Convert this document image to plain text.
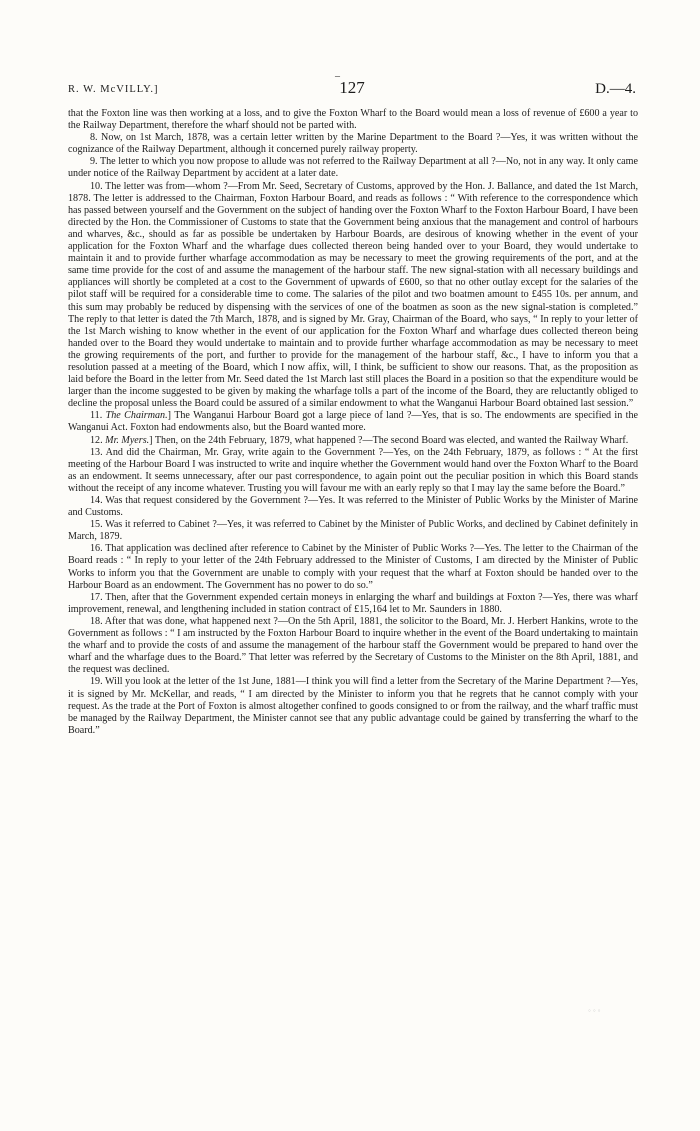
R. W. McVILLY.]
–
127	D.—4.

that the Foxton line was then working at a loss, and to give the Foxton Wharf to the Board would mean a loss of revenue of £600 a year to the Railway Department, therefore the wharf should not be parted with.

8. Now, on 1st March, 1878, was a certain letter written by the Marine Department to the Board ?—Yes, it was written without the cognizance of the Railway Department, although it concerned purely railway property.

9. The letter to which you now propose to allude was not referred to the Railway Department at all ?—No, not in any way. It only came under notice of the Railway Department by accident at a later date.

10. The letter was from—whom ?—From Mr. Seed, Secretary of Customs, approved by the Hon. J. Ballance, and dated the 1st March, 1878. The letter is addressed to the Chairman, Foxton Harbour Board, and reads as follows : “ With reference to the correspondence which has passed between yourself and the Government on the subject of handing over the Foxton Wharf to the Foxton Harbour Board, I have been directed by the Hon. the Commissioner of Customs to state that the Government being anxious that the management and control of harbours and wharves, &c., should as far as possible be undertaken by Harbour Boards, are desirous of knowing whether in the event of your application for the Foxton Wharf and the wharfage dues collected thereon being handed over to your Board, they would undertake to maintain it and to provide further wharfage accommodation as may be necessary to meet the growing requirements of the port, and at the same time provide for the cost of and assume the management of the harbour staff. The new signal-station with all necessary buildings and appliances will shortly be completed at a cost to the Government of upwards of £600, so that no other outlay except for the salaries of the pilot staff will be required for a considerable time to come. The salaries of the pilot and two boatmen amount to £455 10s. per annum, and this sum may probably be reduced by dispensing with the services of one of the boatmen as soon as the new signal-station is completed.” The reply to that letter is dated the 7th March, 1878, and is signed by Mr. Gray, Chairman of the Board, who says, “ In reply to your letter of the 1st March wishing to know whether in the event of our application for the Foxton Wharf and wharfage dues collected thereon being handed over to the Board they would undertake to maintain and to provide further wharfage accommodation as may be necessary to meet the growing requirements of the port, and further to provide for the management of the harbour staff, &c., I have to inform you that a resolution passed at a meeting of the Board, which I now affix, will, I think, be sufficient to show our reasons. That, as the proposition as laid before the Board in the letter from Mr. Seed dated the 1st March last still places the Board in a position so that the expenditure would be larger than the income suggested to be given by making the wharfage tolls a part of the income of the Board, they are reluctantly obliged to decline the proposal unless the Board could be assured of a similar endowment to what the Wanganui Harbour Board obtained last session.”

11. The Chairman.] The Wanganui Harbour Board got a large piece of land ?—Yes, that is so. The endowments are specified in the Wanganui Act. Foxton had endowments also, but the Board wanted more.

12. Mr. Myers.] Then, on the 24th February, 1879, what happened ?—The second Board was elected, and wanted the Railway Wharf.

13. And did the Chairman, Mr. Gray, write again to the Government ?—Yes, on the 24th February, 1879, as follows : “ At the first meeting of the Harbour Board I was instructed to write and inquire whether the Government would hand over the Foxton Wharf to the Board as an endowment. It seems unnecessary, after our past correspondence, to again point out the peculiar position in which this Board stands without the receipt of any income whatever. Trusting you will favour me with an early reply so that I may lay the same before the Board.”

14. Was that request considered by the Government ?—Yes. It was referred to the Minister of Public Works by the Minister of Marine and Customs.

15. Was it referred to Cabinet ?—Yes, it was referred to Cabinet by the Minister of Public Works, and declined by Cabinet definitely in March, 1879.

16. That application was declined after reference to Cabinet by the Minister of Public Works ?—Yes. The letter to the Chairman of the Board reads : “ In reply to your letter of the 24th February addressed to the Minister of Customs, I am directed by the Minister of Public Works to inform you that the Government are unable to comply with your request that the wharf at Foxton should be handed over to the Harbour Board as an endowment. The Government has no power to do so.”

17. Then, after that the Government expended certain moneys in enlarging the wharf and buildings at Foxton ?—Yes, there was wharf improvement, renewal, and lengthening included in station contract of £15,164 let to Mr. Saunders in 1880.

18. After that was done, what happened next ?—On the 5th April, 1881, the solicitor to the Board, Mr. J. Herbert Hankins, wrote to the Government as follows : “ I am instructed by the Foxton Harbour Board to inquire whether in the event of the Board undertaking to maintain the wharf and to provide the costs of and assume the management of the harbour staff the Government would be prepared to hand over the wharf and the wharfage dues to the Board.” That letter was referred by the Secretary of Customs to the Minister on the 8th April, 1881, and the request was declined.

19. Will you look at the letter of the 1st June, 1881—I think you will find a letter from the Secretary of the Marine Department ?—Yes, it is signed by Mr. McKellar, and reads, “ I am directed by the Minister to inform you that he regrets that he cannot comply with your request. As the trade at the Port of Foxton is almost altogether confined to goods consigned to or from the railway, and the wharf traffic must be managed by the Railway Department, the Minister cannot see that any public advantage could be gained by transferring the wharf to the Board.”

◦ ◦ ◦
